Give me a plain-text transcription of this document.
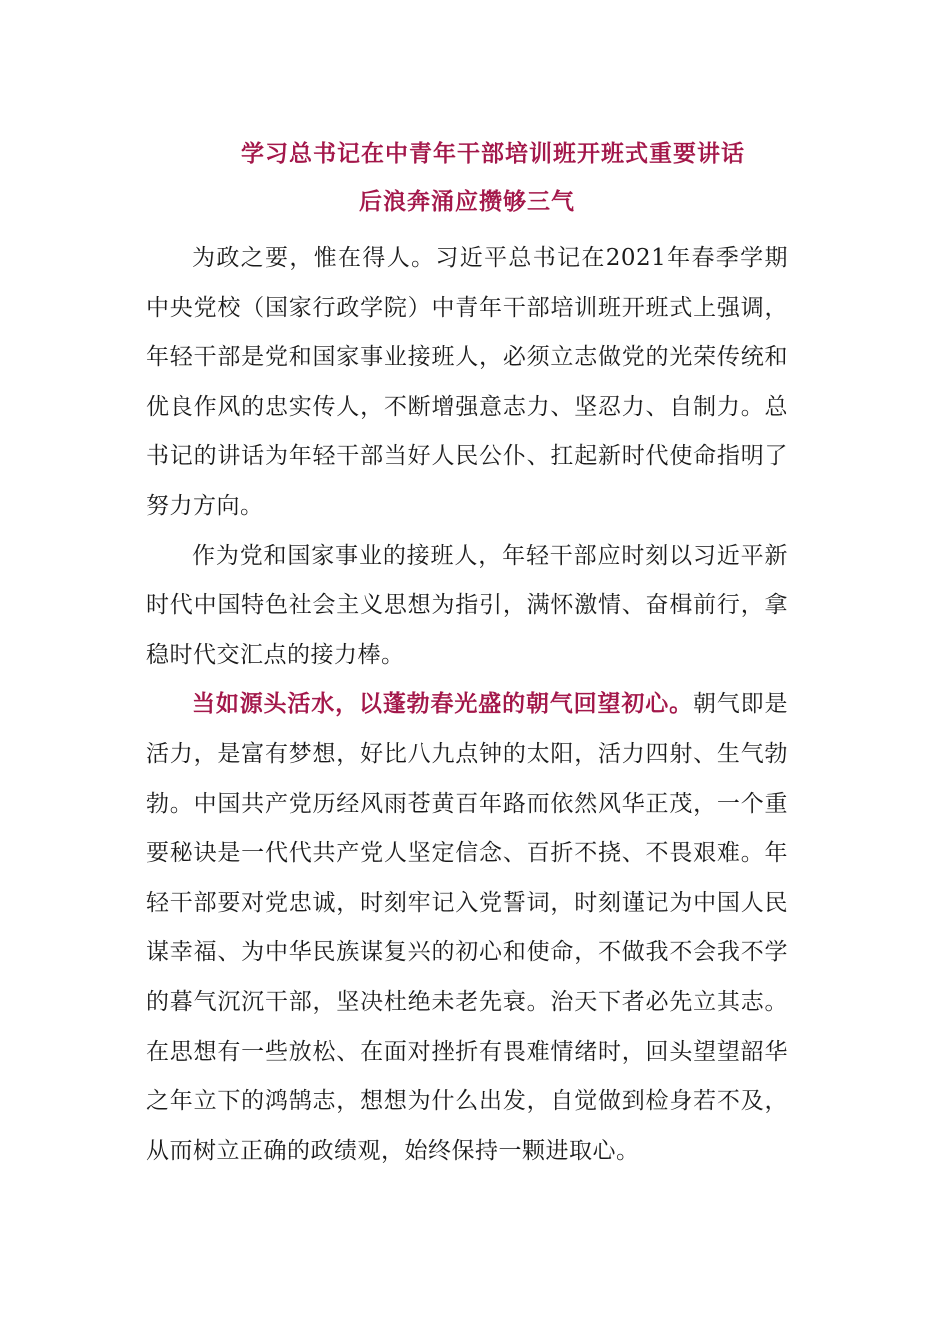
学习总书记在中青年干部培训班开班式重要讲话
后浪奔涌应攒够三气

为政之要，惟在得人。习近平总书记在2021年春季学期中央党校（国家行政学院）中青年干部培训班开班式上强调，年轻干部是党和国家事业接班人，必须立志做党的光荣传统和优良作风的忠实传人，不断增强意志力、坚忍力、自制力。总书记的讲话为年轻干部当好人民公仆、扛起新时代使命指明了努力方向。

作为党和国家事业的接班人，年轻干部应时刻以习近平新时代中国特色社会主义思想为指引，满怀激情、奋楫前行，拿稳时代交汇点的接力棒。

当如源头活水，以蓬勃春光盛的朝气回望初心。朝气即是活力，是富有梦想，好比八九点钟的太阳，活力四射、生气勃勃。中国共产党历经风雨苍黄百年路而依然风华正茂，一个重要秘诀是一代代共产党人坚定信念、百折不挠、不畏艰难。年轻干部要对党忠诚，时刻牢记入党誓词，时刻谨记为中国人民谋幸福、为中华民族谋复兴的初心和使命，不做我不会我不学的暮气沉沉干部，坚决杜绝未老先衰。治天下者必先立其志。在思想有一些放松、在面对挫折有畏难情绪时，回头望望韶华之年立下的鸿鹄志，想想为什么出发，自觉做到检身若不及，从而树立正确的政绩观，始终保持一颗进取心。
